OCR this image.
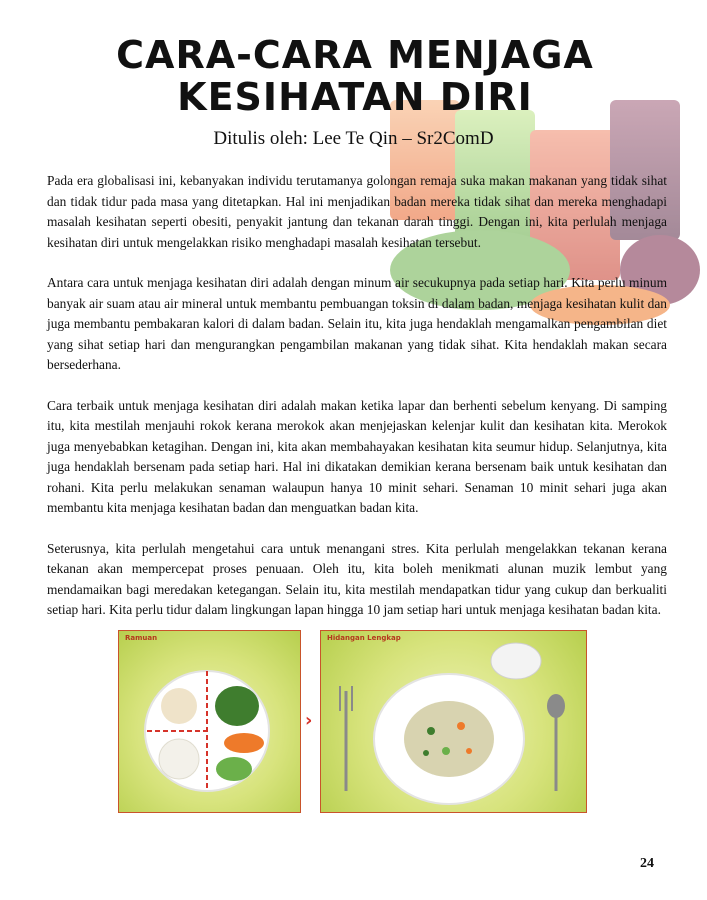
CARA-CARA MENJAGA KESIHATAN DIRI
Ditulis oleh: Lee Te Qin – Sr2ComD

Pada era globalisasi ini, kebanyakan individu terutamanya golongan remaja suka makan makanan yang tidak sihat dan tidak tidur pada masa yang ditetapkan. Hal ini menjadikan badan mereka tidak sihat dan mereka menghadapi masalah kesihatan seperti obesiti, penyakit jantung dan tekanan darah tinggi. Dengan ini, kita perlulah menjaga kesihatan diri untuk mengelakkan risiko menghadapi masalah kesihatan tersebut.

Antara cara untuk menjaga kesihatan diri adalah dengan minum air secukupnya pada setiap hari. Kita perlu minum banyak air suam atau air mineral untuk membantu pembuangan toksin di dalam badan, menjaga kesihatan kulit dan juga membantu pembakaran kalori di dalam badan. Selain itu, kita juga hendaklah mengamalkan pengambilan diet yang sihat setiap hari dan mengurangkan pengambilan makanan yang tidak sihat. Kita hendaklah makan secara bersederhana.

Cara terbaik untuk menjaga kesihatan diri adalah makan ketika lapar dan berhenti sebelum kenyang. Di samping itu, kita mestilah menjauhi rokok kerana merokok akan menjejaskan kelenjar kulit dan kesihatan kita. Merokok juga menyebabkan ketagihan. Dengan ini, kita akan membahayakan kesihatan kita seumur hidup. Selanjutnya, kita juga hendaklah bersenam pada setiap hari. Hal ini dikatakan demikian kerana bersenam baik untuk kesihatan dan rohani. Kita perlu melakukan senaman walaupun hanya 10 minit sehari. Senaman 10 minit sehari juga akan membantu kita menjaga kesihatan badan dan menguatkan badan kita.

Seterusnya, kita perlulah mengetahui cara untuk menangani stres. Kita perlulah mengelakkan tekanan kerana tekanan akan mempercepat proses penuaan. Oleh itu, kita boleh menikmati alunan muzik lembut yang mendamaikan bagi meredakan ketegangan. Selain itu, kita mestilah mendapatkan tidur yang cukup dan berkualiti setiap hari. Kita perlu tidur dalam lingkungan lapan hingga 10 jam setiap hari untuk menjaga kesihatan badan kita.

Ramuan
›
Hidangan Lengkap
24
